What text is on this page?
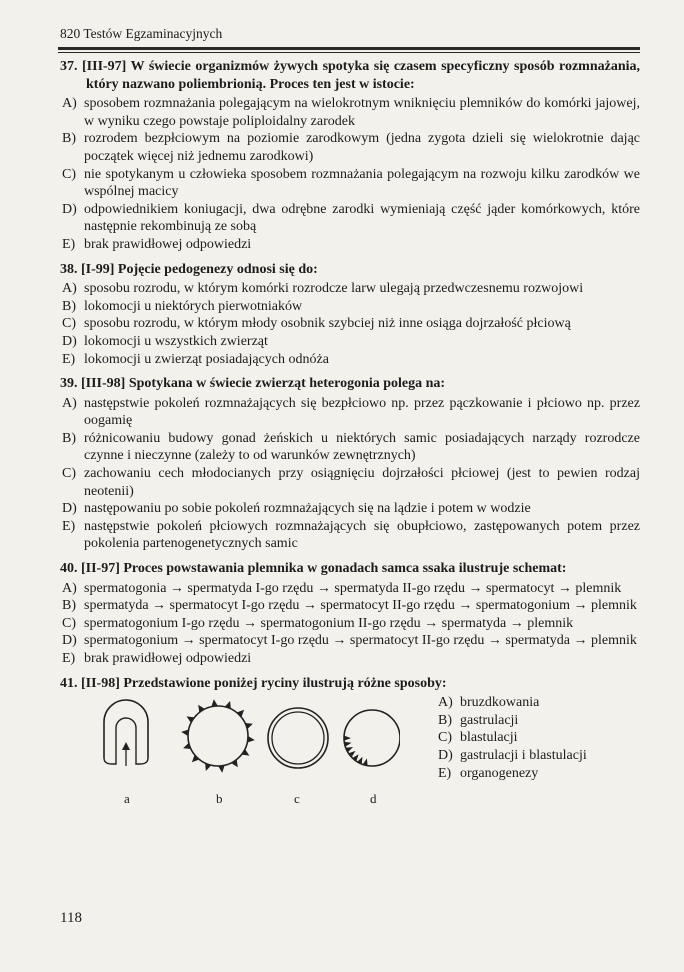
820 Testów Egzaminacyjnych
37. [III-97] W świecie organizmów żywych spotyka się czasem specyficzny sposób rozmnażania, który nazwano poliembrionią. Proces ten jest w istocie:
A) sposobem rozmnażania polegającym na wielokrotnym wniknięciu plemników do komórki jajowej, w wyniku czego powstaje poliploidalny zarodek
B) rozrodem bezpłciowym na poziomie zarodkowym (jedna zygota dzieli się wielokrotnie dając początek więcej niż jednemu zarodkowi)
C) nie spotykanym u człowieka sposobem rozmnażania polegającym na rozwoju kilku zarodków we wspólnej macicy
D) odpowiednikiem koniugacji, dwa odrębne zarodki wymieniają część jąder komórkowych, które następnie rekombinują ze sobą
E) brak prawidłowej odpowiedzi
38. [I-99] Pojęcie pedogenezy odnosi się do:
A) sposobu rozrodu, w którym komórki rozrodcze larw ulegają przedwczesnemu rozwojowi
B) lokomocji u niektórych pierwotniaków
C) sposobu rozrodu, w którym młody osobnik szybciej niż inne osiąga dojrzałość płciową
D) lokomocji u wszystkich zwierząt
E) lokomocji u zwierząt posiadających odnóża
39. [III-98] Spotykana w świecie zwierząt heterogonia polega na:
A) następstwie pokoleń rozmnażających się bezpłciowo np. przez pączkowanie i płciowo np. przez oogamię
B) różnicowaniu budowy gonad żeńskich u niektórych samic posiadających narządy rozrodcze czynne i nieczynne (zależy to od warunków zewnętrznych)
C) zachowaniu cech młodocianych przy osiągnięciu dojrzałości płciowej (jest to pewien rodzaj neotenii)
D) następowaniu po sobie pokoleń rozmnażających się na lądzie i potem w wodzie
E) następstwie pokoleń płciowych rozmnażających się obupłciowo, zastępowanych potem przez pokolenia partenogenetycznych samic
40. [II-97] Proces powstawania plemnika w gonadach samca ssaka ilustruje schemat:
A) spermatogonia → spermatyda I-go rzędu → spermatyda II-go rzędu → spermatocyt → plemnik
B) spermatyda → spermatocyt I-go rzędu → spermatocyt II-go rzędu → spermatogonium → plemnik
C) spermatogonium I-go rzędu → spermatogonium II-go rzędu → spermatyda → plemnik
D) spermatogonium → spermatocyt I-go rzędu → spermatocyt II-go rzędu → spermatyda → plemnik
E) brak prawidłowej odpowiedzi
41. [II-98] Przedstawione poniżej ryciny ilustrują różne sposoby:
a	b	c	d
A) bruzdkowania
B) gastrulacji
C) blastulacji
D) gastrulacji i blastulacji
E) organogenezy
118
